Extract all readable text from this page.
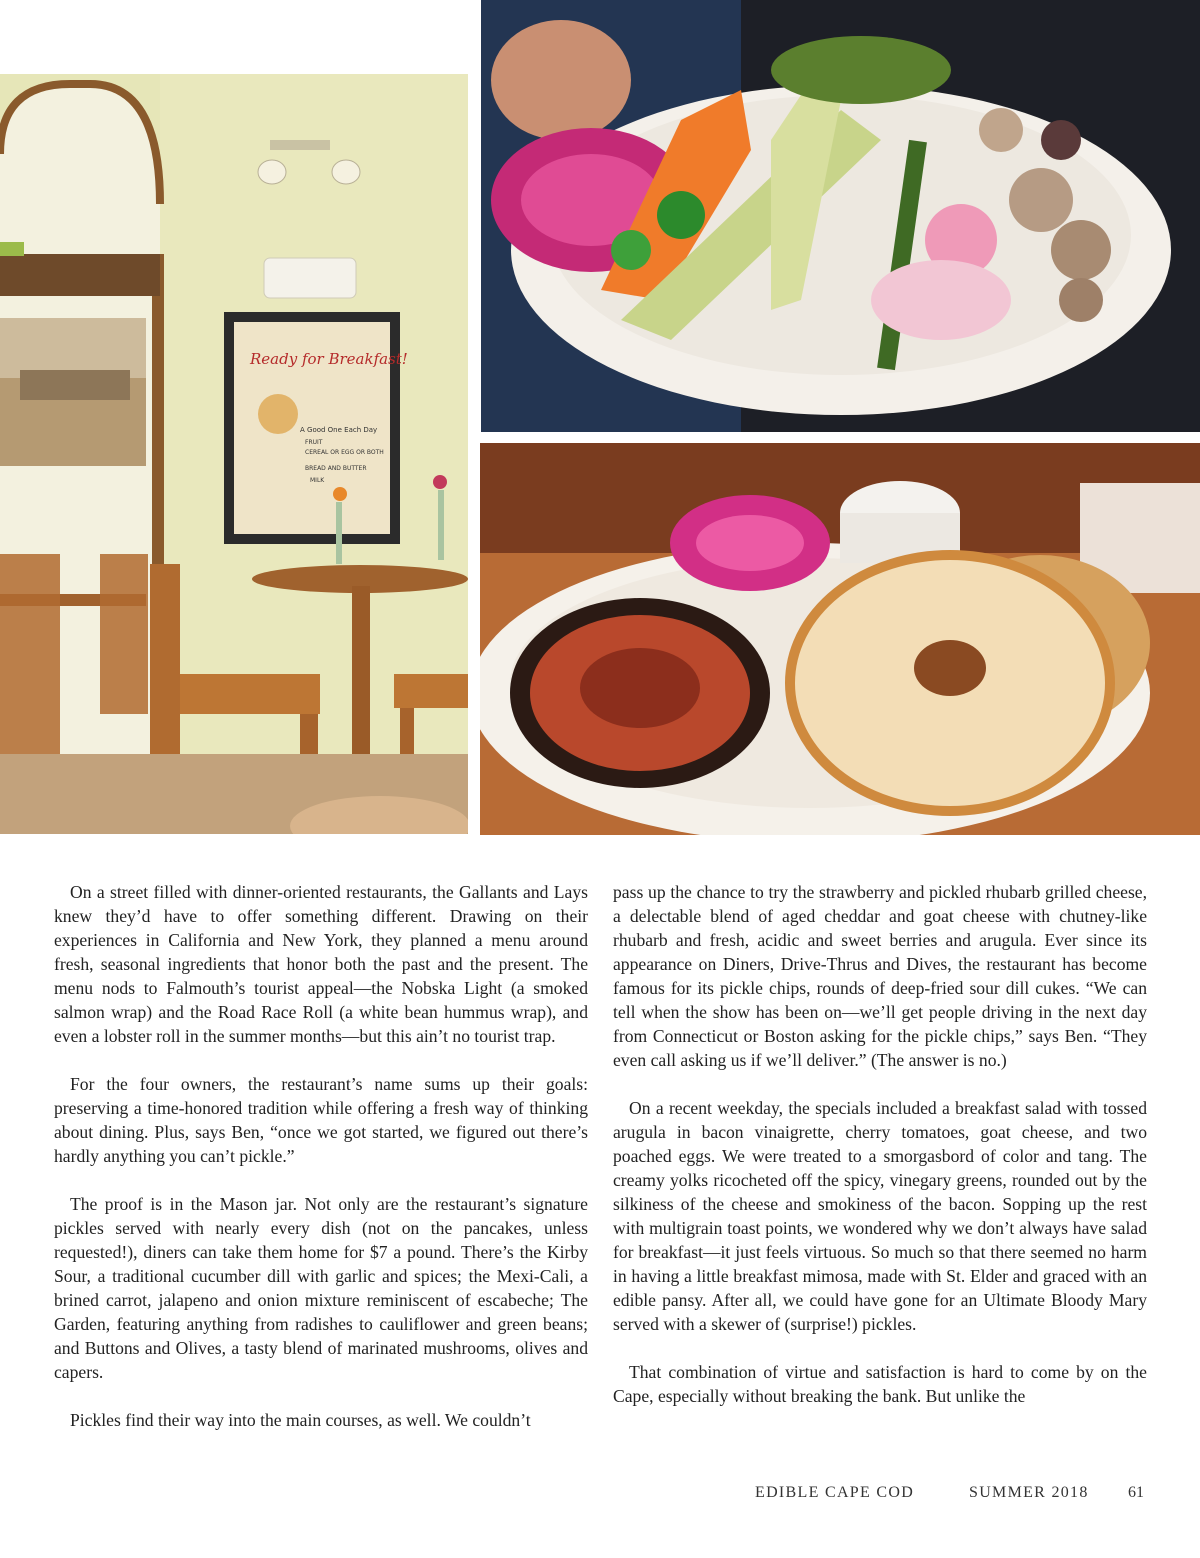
Ready for Breakfast!
A Good One Each Day
FRUIT
CEREAL OR EGG OR BOTH
BREAD AND BUTTER
MILK

On a street filled with dinner-oriented restaurants, the Gallants and Lays knew they’d have to offer something different. Drawing on their experiences in California and New York, they planned a menu around fresh, seasonal ingredients that honor both the past and the present. The menu nods to Falmouth’s tourist appeal—the Nobska Light (a smoked salmon wrap) and the Road Race Roll (a white bean hummus wrap), and even a lobster roll in the summer months—but this ain’t no tourist trap.

For the four owners, the restaurant’s name sums up their goals: preserving a time-honored tradition while offering a fresh way of thinking about dining. Plus, says Ben, “once we got started, we figured out there’s hardly anything you can’t pickle.”

The proof is in the Mason jar. Not only are the restaurant’s signature pickles served with nearly every dish (not on the pancakes, unless requested!), diners can take them home for $7 a pound. There’s the Kirby Sour, a traditional cucumber dill with garlic and spices; the Mexi-Cali, a brined carrot, jalapeno and onion mixture reminiscent of escabeche; The Garden, featuring anything from radishes to cauliflower and green beans; and Buttons and Olives, a tasty blend of marinated mushrooms, olives and capers.

Pickles find their way into the main courses, as well. We couldn’t

pass up the chance to try the strawberry and pickled rhubarb grilled cheese, a delectable blend of aged cheddar and goat cheese with chutney-like rhubarb and fresh, acidic and sweet berries and arugula. Ever since its appearance on Diners, Drive-Thrus and Dives, the restaurant has become famous for its pickle chips, rounds of deep-fried sour dill cukes. “We can tell when the show has been on—we’ll get people driving in the next day from Connecticut or Boston asking for the pickle chips,” says Ben. “They even call asking us if we’ll deliver.” (The answer is no.)

On a recent weekday, the specials included a breakfast salad with tossed arugula in bacon vinaigrette, cherry tomatoes, goat cheese, and two poached eggs. We were treated to a smorgasbord of color and tang. The creamy yolks ricocheted off the spicy, vinegary greens, rounded out by the silkiness of the cheese and smokiness of the bacon. Sopping up the rest with multigrain toast points, we wondered why we don’t always have salad for breakfast—it just feels virtuous. So much so that there seemed no harm in having a little breakfast mimosa, made with St. Elder and graced with an edible pansy. After all, we could have gone for an Ultimate Bloody Mary served with a skewer of (surprise!) pickles.

That combination of virtue and satisfaction is hard to come by on the Cape, especially without breaking the bank. But unlike the

EDIBLE CAPE COD	SUMMER 2018 61
